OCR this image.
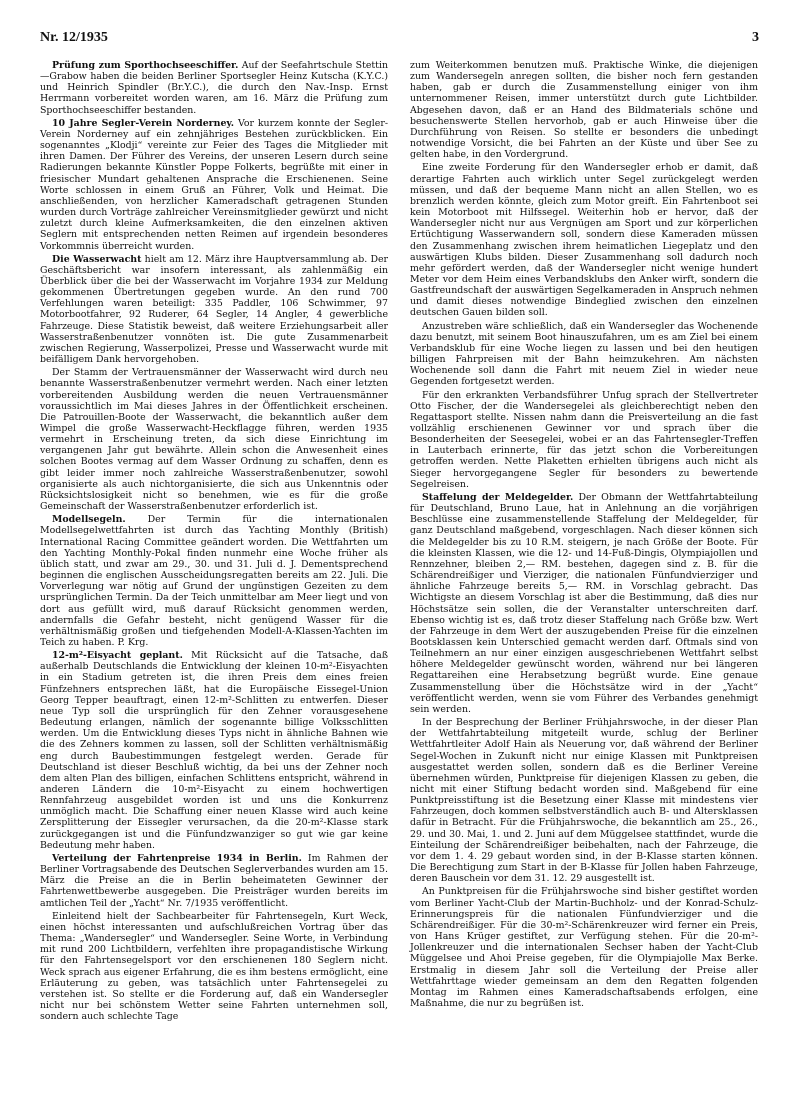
Nr. 12/1935	3

Prüfung zum Sporthochseeschiffer. Auf der Seefahrtschule Stettin—Grabow haben die beiden Berliner Sportsegler Heinz Kutscha (K.Y.C.) und Heinrich Spindler (Br.Y.C.), die durch den Nav.-Insp. Ernst Herrmann vorbereitet worden waren, am 16. März die Prüfung zum Sporthochseeschiffer bestanden.

10 Jahre Segler-Verein Norderney. Vor kurzem konnte der Segler-Verein Norderney auf ein zehnjähriges Bestehen zurückblicken. Ein sogenanntes „Klodji“ vereinte zur Feier des Tages die Mitglieder mit ihren Damen. Der Führer des Vereins, der unseren Lesern durch seine Radierungen bekannte Künstler Poppe Folkerts, begrüßte mit einer in friesischer Mundart gehaltenen Ansprache die Erschienenen. Seine Worte schlossen in einem Gruß an Führer, Volk und Heimat. Die anschließenden, von herzlicher Kameradschaft getragenen Stunden wurden durch Vorträge zahlreicher Vereinsmitglieder gewürzt und nicht zuletzt durch kleine Aufmerksamkeiten, die den einzelnen aktiven Seglern mit entsprechenden netten Reimen auf irgendein besonderes Vorkommnis überreicht wurden.

Die Wasserwacht hielt am 12. März ihre Hauptversammlung ab. Der Geschäftsbericht war insofern interessant, als zahlenmäßig ein Überblick über die bei der Wasserwacht im Vorjahre 1934 zur Meldung gekommenen Übertretungen gegeben wurde. An den rund 700 Verfehlungen waren beteiligt: 335 Paddler, 106 Schwimmer, 97 Motorbootfahrer, 92 Ruderer, 64 Segler, 14 Angler, 4 gewerbliche Fahrzeuge. Diese Statistik beweist, daß weitere Erziehungsarbeit aller Wasserstraßenbenutzer vonnöten ist. Die gute Zusammenarbeit zwischen Regierung, Wasserpolizei, Presse und Wasserwacht wurde mit beifälligem Dank hervorgehoben.

Der Stamm der Vertrauensmänner der Wasserwacht wird durch neu benannte Wasserstraßenbenutzer vermehrt werden. Nach einer letzten vorbereitenden Ausbildung werden die neuen Vertrauensmänner voraussichtlich im Mai dieses Jahres in der Öffentlichkeit erscheinen. Die Patrouillen-Boote der Wasserwacht, die bekanntlich außer dem Wimpel die große Wasserwacht-Heckflagge führen, werden 1935 vermehrt in Erscheinung treten, da sich diese Einrichtung im vergangenen Jahr gut bewährte. Allein schon die Anwesenheit eines solchen Bootes vermag auf dem Wasser Ordnung zu schaffen, denn es gibt leider immer noch zahlreiche Wasserstraßenbenutzer, sowohl organisierte als auch nichtorganisierte, die sich aus Unkenntnis oder Rücksichtslosigkeit nicht so benehmen, wie es für die große Gemeinschaft der Wasserstraßenbenutzer erforderlich ist.

Modellsegeln. Der Termin für die internationalen Modellsegelwettfahrten ist durch das Yachting Monthly (British) International Racing Committee geändert worden. Die Wettfahrten um den Yachting Monthly-Pokal finden nunmehr eine Woche früher als üblich statt, und zwar am 29., 30. und 31. Juli d. J. Dementsprechend beginnen die englischen Ausscheidungsregatten bereits am 22. Juli. Die Vorverlegung war nötig auf Grund der ungünstigen Gezeiten zu dem ursprünglichen Termin. Da der Teich unmittelbar am Meer liegt und von dort aus gefüllt wird, muß darauf Rücksicht genommen werden, andernfalls die Gefahr besteht, nicht genügend Wasser für die verhältnismäßig großen und tiefgehenden Modell-A-Klassen-Yachten im Teich zu haben. P. Krg.

12-m²-Eisyacht geplant. Mit Rücksicht auf die Tatsache, daß außerhalb Deutschlands die Entwicklung der kleinen 10-m²-Eisyachten in ein Stadium getreten ist, die ihren Preis dem eines freien Fünfzehners entsprechen läßt, hat die Europäische Eissegel-Union Georg Tepper beauftragt, einen 12-m²-Schlitten zu entwerfen. Dieser neue Typ soll die ursprünglich für den Zehner vorausgesehene Bedeutung erlangen, nämlich der sogenannte billige Volksschlitten werden. Um die Entwicklung dieses Typs nicht in ähnliche Bahnen wie die des Zehners kommen zu lassen, soll der Schlitten verhältnismäßig eng durch Baubestimmungen festgelegt werden. Gerade für Deutschland ist dieser Beschluß wichtig, da bei uns der Zehner noch dem alten Plan des billigen, einfachen Schlittens entspricht, während in anderen Ländern die 10-m²-Eisyacht zu einem hochwertigen Rennfahrzeug ausgebildet worden ist und uns die Konkurrenz unmöglich macht. Die Schaffung einer neuen Klasse wird auch keine Zersplitterung der Eissegler verursachen, da die 20-m²-Klasse stark zurückgegangen ist und die Fünfundzwanziger so gut wie gar keine Bedeutung mehr haben.

Verteilung der Fahrtenpreise 1934 in Berlin. Im Rahmen der Berliner Vortragsabende des Deutschen Seglerverbandes wurden am 15. März die Preise an die in Berlin beheimateten Gewinner der Fahrtenwettbewerbe ausgegeben. Die Preisträger wurden bereits im amtlichen Teil der „Yacht“ Nr. 7/1935 veröffentlicht.

Einleitend hielt der Sachbearbeiter für Fahrtensegeln, Kurt Weck, einen höchst interessanten und aufschlußreichen Vortrag über das Thema: „Wandersegler“ und Wandersegler. Seine Worte, in Verbindung mit rund 200 Lichtbildern, verfehlten ihre propagandistische Wirkung für den Fahrtensegelsport vor den erschienenen 180 Seglern nicht. Weck sprach aus eigener Erfahrung, die es ihm bestens ermöglicht, eine Erläuterung zu geben, was tatsächlich unter Fahrtensegelei zu verstehen ist. So stellte er die Forderung auf, daß ein Wandersegler nicht nur bei schönstem Wetter seine Fahrten unternehmen soll, sondern auch schlechte Tage

zum Weiterkommen benutzen muß. Praktische Winke, die diejenigen zum Wandersegeln anregen sollten, die bisher noch fern gestanden haben, gab er durch die Zusammenstellung einiger von ihm unternommener Reisen, immer unterstützt durch gute Lichtbilder. Abgesehen davon, daß er an Hand des Bildmaterials schöne und besuchenswerte Stellen hervorhob, gab er auch Hinweise über die Durchführung von Reisen. So stellte er besonders die unbedingt notwendige Vorsicht, die bei Fahrten an der Küste und über See zu gelten habe, in den Vordergrund.

Eine zweite Forderung für den Wandersegler erhob er damit, daß derartige Fahrten auch wirklich unter Segel zurückgelegt werden müssen, und daß der bequeme Mann nicht an allen Stellen, wo es brenzlich werden könnte, gleich zum Motor greift. Ein Fahrtenboot sei kein Motorboot mit Hilfssegel. Weiterhin hob er hervor, daß der Wandersegler nicht nur aus Vergnügen am Sport und zur körperlichen Ertüchtigung Wasserwandern soll, sondern diese Kameraden müssen den Zusammenhang zwischen ihrem heimatlichen Liegeplatz und den auswärtigen Klubs bilden. Dieser Zusammenhang soll dadurch noch mehr gefördert werden, daß der Wandersegler nicht wenige hundert Meter vor dem Heim eines Verbandsklubs den Anker wirft, sondern die Gastfreundschaft der auswärtigen Segelkameraden in Anspruch nehmen und damit dieses notwendige Bindeglied zwischen den einzelnen deutschen Gauen bilden soll.

Anzustreben wäre schließlich, daß ein Wandersegler das Wochenende dazu benutzt, mit seinem Boot hinauszufahren, um es am Ziel bei einem Verbandsklub für eine Woche liegen zu lassen und bei den heutigen billigen Fahrpreisen mit der Bahn heimzukehren. Am nächsten Wochenende soll dann die Fahrt mit neuem Ziel in wieder neue Gegenden fortgesetzt werden.

Für den erkrankten Verbandsführer Unfug sprach der Stellvertreter Otto Fischer, der die Wandersegelei als gleichberechtigt neben den Regattasport stellte. Nissen nahm dann die Preisverteilung an die fast vollzählig erschienenen Gewinner vor und sprach über die Besonderheiten der Seesegelei, wobei er an das Fahrtensegler-Treffen in Lauterbach erinnerte, für das jetzt schon die Vorbereitungen getroffen werden. Nette Plaketten erhielten übrigens auch nicht als Sieger hervorgegangene Segler für besonders zu bewertende Segelreisen.

Staffelung der Meldegelder. Der Obmann der Wettfahrtabteilung für Deutschland, Bruno Laue, hat in Anlehnung an die vorjährigen Beschlüsse eine zusammenstellende Staffelung der Meldegelder, für ganz Deutschland maßgebend, vorgeschlagen. Nach dieser können sich die Meldegelder bis zu 10 R.M. steigern, je nach Größe der Boote. Für die kleinsten Klassen, wie die 12- und 14-Fuß-Dingis, Olympiajollen und Rennzehner, bleiben 2,— RM. bestehen, dagegen sind z. B. für die Schärendreißiger und Vierziger, die nationalen Fünfundvierziger und ähnliche Fahrzeuge bereits 5,— RM. in Vorschlag gebracht. Das Wichtigste an diesem Vorschlag ist aber die Bestimmung, daß dies nur Höchstsätze sein sollen, die der Veranstalter unterschreiten darf. Ebenso wichtig ist es, daß trotz dieser Staffelung nach Größe bzw. Wert der Fahrzeuge in dem Wert der auszugebenden Preise für die einzelnen Bootsklassen kein Unterschied gemacht werden darf. Oftmals sind von Teilnehmern an nur einer einzigen ausgeschriebenen Wettfahrt selbst höhere Meldegelder gewünscht worden, während nur bei längeren Regattareihen eine Herabsetzung begrüßt wurde. Eine genaue Zusammenstellung über die Höchstsätze wird in der „Yacht“ veröffentlicht werden, wenn sie vom Führer des Verbandes genehmigt sein werden.

In der Besprechung der Berliner Frühjahrswoche, in der dieser Plan der Wettfahrtabteilung mitgeteilt wurde, schlug der Berliner Wettfahrtleiter Adolf Hain als Neuerung vor, daß während der Berliner Segel-Wochen in Zukunft nicht nur einige Klassen mit Punktpreisen ausgestattet werden sollen, sondern daß es die Berliner Vereine übernehmen würden, Punktpreise für diejenigen Klassen zu geben, die nicht mit einer Stiftung bedacht worden sind. Maßgebend für eine Punktpreisstiftung ist die Besetzung einer Klasse mit mindestens vier Fahrzeugen, doch kommen selbstverständlich auch B- und Altersklassen dafür in Betracht. Für die Frühjahrswoche, die bekanntlich am 25., 26., 29. und 30. Mai, 1. und 2. Juni auf dem Müggelsee stattfindet, wurde die Einteilung der Schärendreißiger beibehalten, nach der Fahrzeuge, die vor dem 1. 4. 29 gebaut worden sind, in der B-Klasse starten können. Die Berechtigung zum Start in der B-Klasse für Jollen haben Fahrzeuge, deren Bauschein vor dem 31. 12. 29 ausgestellt ist.

An Punktpreisen für die Frühjahrswoche sind bisher gestiftet worden vom Berliner Yacht-Club der Martin-Buchholz- und der Konrad-Schulz-Erinnerungspreis für die nationalen Fünfundvierziger und die Schärendreißiger. Für die 30-m²-Schärenkreuzer wird ferner ein Preis, von Hans Krüger gestiftet, zur Verfügung stehen. Für die 20-m²-Jollenkreuzer und die internationalen Sechser haben der Yacht-Club Müggelsee und Ahoi Preise gegeben, für die Olympiajolle Max Berke. Erstmalig in diesem Jahr soll die Verteilung der Preise aller Wettfahrttage wieder gemeinsam an dem den Regatten folgenden Montag im Rahmen eines Kameradschaftsabends erfolgen, eine Maßnahme, die nur zu begrüßen ist.
